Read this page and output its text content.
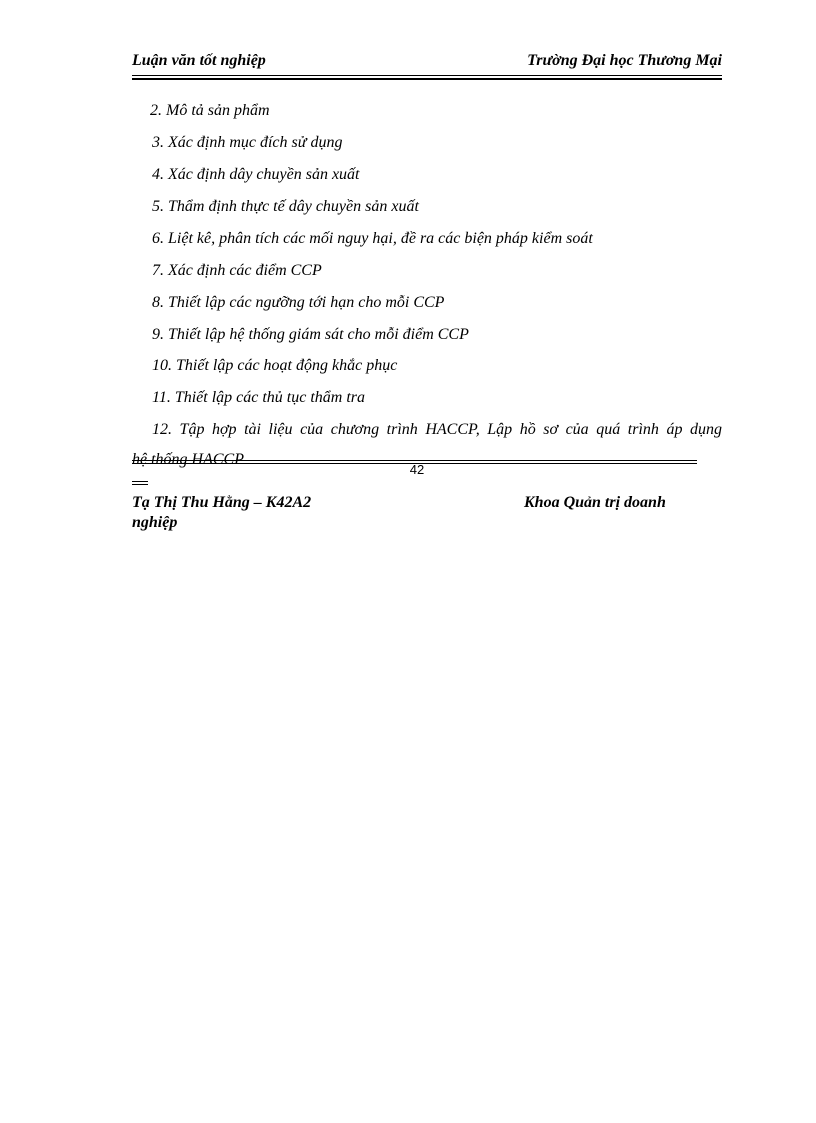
Luận văn tốt nghiệp	Trường Đại học Thương Mại
2. Mô tả sản phẩm
3. Xác định mục đích sử dụng
4. Xác định dây chuyền sản xuất
5. Thẩm định thực tế dây chuyền sản xuất
6. Liệt kê, phân tích các mối nguy hại, đề ra các biện pháp kiểm soát
7. Xác định các điểm CCP
8. Thiết lập các ngưỡng tới hạn cho mỗi CCP
9. Thiết lập hệ thống giám sát cho mỗi điểm CCP
10. Thiết lập các hoạt động khắc phục
11. Thiết lập các thủ tục thẩm tra
12. Tập hợp tài liệu của chương trình HACCP, Lập hồ sơ của quá trình áp dụng
hệ thống HACCP
42
Tạ Thị Thu Hằng – K42A2	Khoa Quản trị doanh
nghiệp
